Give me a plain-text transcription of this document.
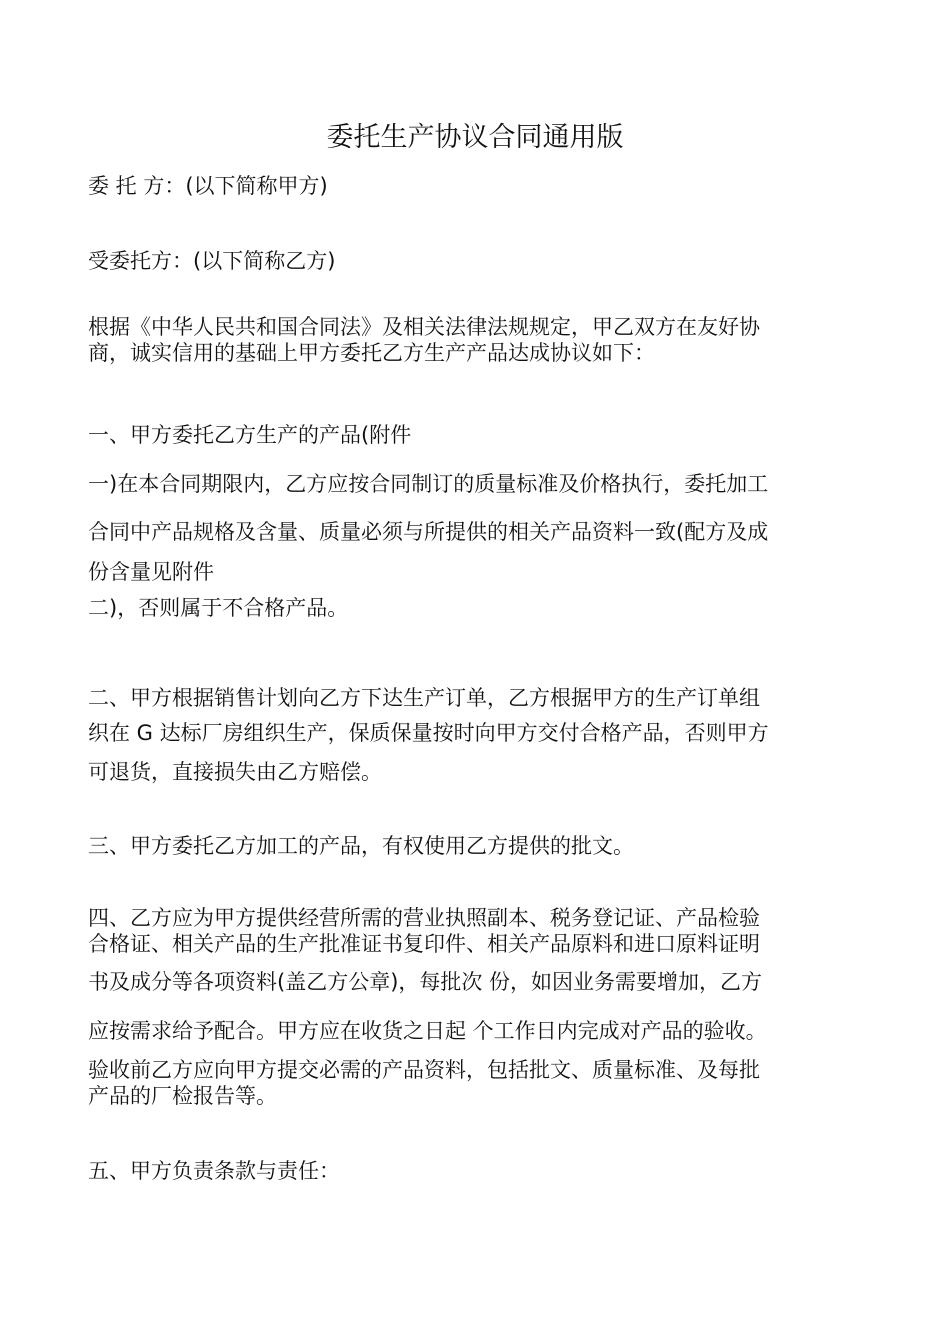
委托生产协议合同通用版
委 托 方：(以下简称甲方)
受委托方：(以下简称乙方)
根据《中华人民共和国合同法》及相关法律法规规定，甲乙双方在友好协
商，诚实信用的基础上甲方委托乙方生产产品达成协议如下：
一、甲方委托乙方生产的产品(附件
一)在本合同期限内，乙方应按合同制订的质量标准及价格执行，委托加工
合同中产品规格及含量、质量必须与所提供的相关产品资料一致(配方及成
份含量见附件
二)，否则属于不合格产品。
二、甲方根据销售计划向乙方下达生产订单，乙方根据甲方的生产订单组
织在 G 达标厂房组织生产，保质保量按时向甲方交付合格产品，否则甲方
可退货，直接损失由乙方赔偿。
三、甲方委托乙方加工的产品，有权使用乙方提供的批文。
四、乙方应为甲方提供经营所需的营业执照副本、税务登记证、产品检验
合格证、相关产品的生产批准证书复印件、相关产品原料和进口原料证明
书及成分等各项资料(盖乙方公章)，每批次 份，如因业务需要增加，乙方
应按需求给予配合。甲方应在收货之日起 个工作日内完成对产品的验收。
验收前乙方应向甲方提交必需的产品资料，包括批文、质量标准、及每批
产品的厂检报告等。
五、甲方负责条款与责任：
